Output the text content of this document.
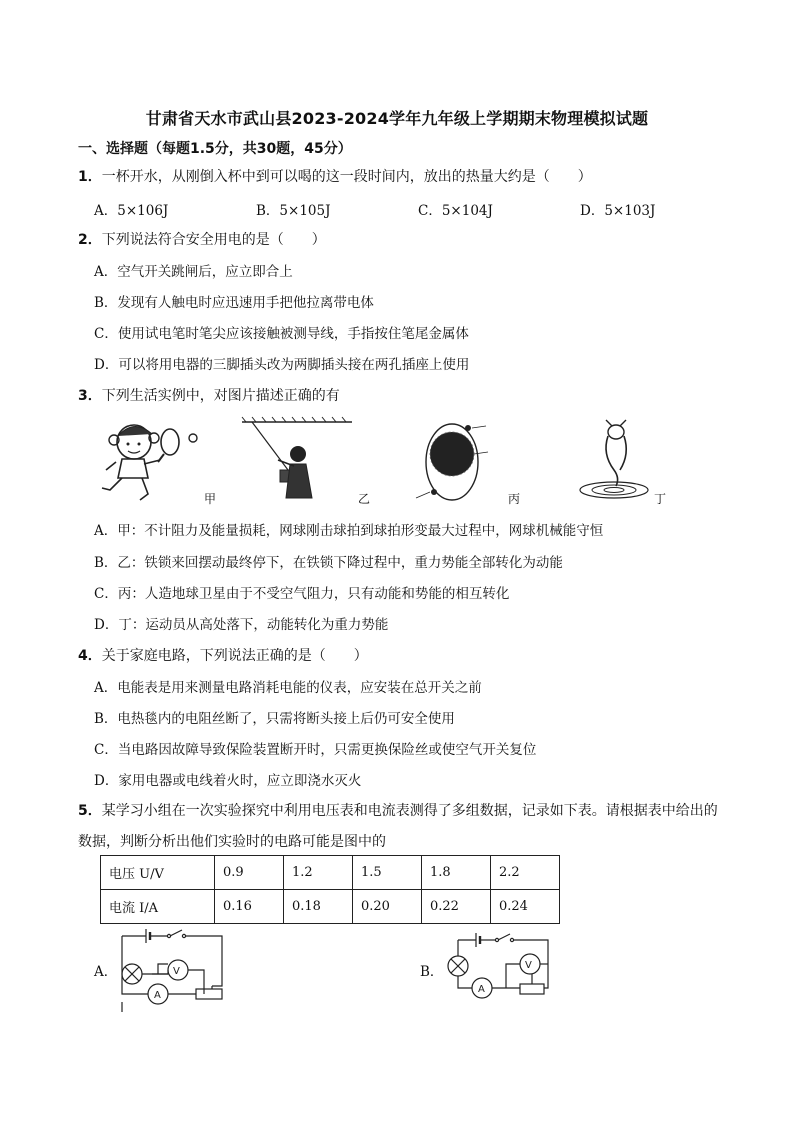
甘肃省天水市武山县2023-2024学年九年级上学期期末物理模拟试题
一、选择题（每题1.5分，共30题，45分）
1．一杯开水，从刚倒入杯中到可以喝的这一段时间内，放出的热量大约是（　　）
A．5×106J	B．5×105J	C．5×104J	D．5×103J
2．下列说法符合安全用电的是（　　）
A．空气开关跳闸后，应立即合上
B．发现有人触电时应迅速用手把他拉离带电体
C．使用试电笔时笔尖应该接触被测导线，手指按住笔尾金属体
D．可以将用电器的三脚插头改为两脚插头接在两孔插座上使用
3．下列生活实例中，对图片描述正确的有
甲	乙	丙	丁
A．甲：不计阻力及能量损耗，网球刚击球拍到球拍形变最大过程中，网球机械能守恒
B．乙：铁锁来回摆动最终停下，在铁锁下降过程中，重力势能全部转化为动能
C．丙：人造地球卫星由于不受空气阻力，只有动能和势能的相互转化
D．丁：运动员从高处落下，动能转化为重力势能
4．关于家庭电路，下列说法正确的是（　　）
A．电能表是用来测量电路消耗电能的仪表，应安装在总开关之前
B．电热毯内的电阻丝断了，只需将断头接上后仍可安全使用
C．当电路因故障导致保险装置断开时，只需更换保险丝或使空气开关复位
D．家用电器或电线着火时，应立即浇水灭火
5．某学习小组在一次实验探究中利用电压表和电流表测得了多组数据，记录如下表。请根据表中给出的
数据，判断分析出他们实验时的电路可能是图中的
电压 U/V	0.9	1.2	1.5	1.8	2.2
电流 I/A	0.16	0.18	0.20	0.22	0.24
A．	V
A
B．	V
A
